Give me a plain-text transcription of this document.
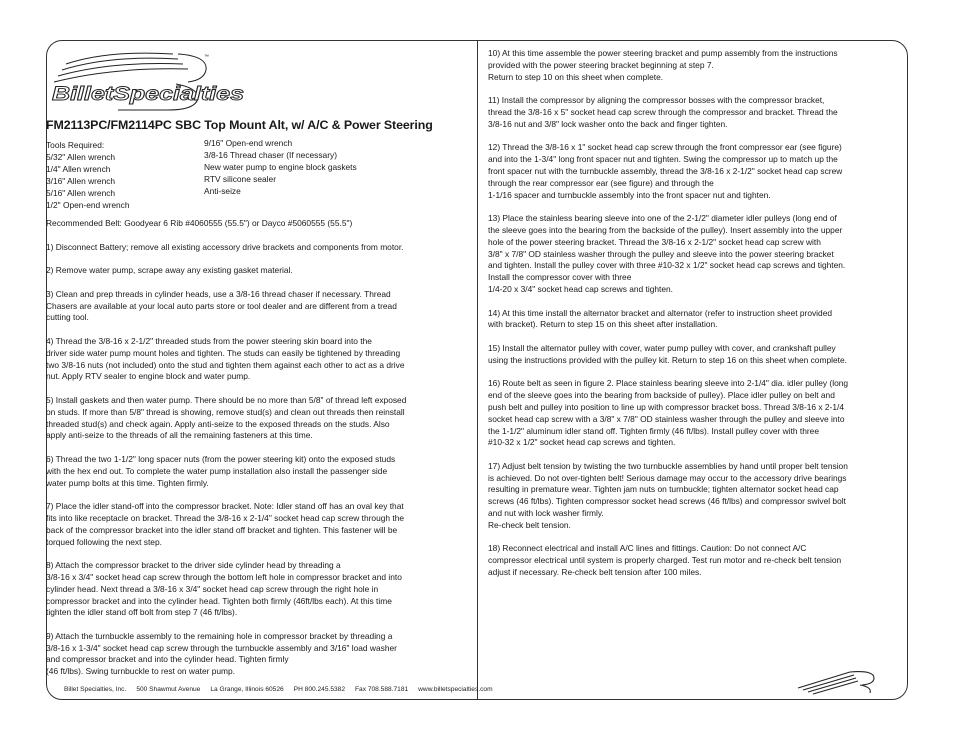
™
BilletSpecialties
FM2113PC/FM2114PC SBC Top Mount Alt, w/ A/C & Power Steering
Tools Required:
5/32" Allen wrench
1/4" Allen wrench
3/16" Allen wrench
5/16" Allen wrench
1/2" Open-end wrench
9/16" Open-end wrench
3/8-16 Thread chaser (If necessary)
New water pump to engine block gaskets
RTV silicone sealer
Anti-seize
Recommended Belt: Goodyear 6 Rib #4060555 (55.5") or Dayco #5060555 (55.5")
1) Disconnect Battery; remove all existing accessory drive brackets and components from motor.
2) Remove water pump, scrape away any existing gasket material.
3) Clean and prep threads in cylinder heads, use a 3/8-16 thread chaser if necessary. Thread
Chasers are available at your local auto parts store or tool dealer and are different from a tread
cutting tool.
4) Thread the 3/8-16 x 2-1/2" threaded studs from the power steering skin board into the
driver side water pump mount holes and tighten. The studs can easily be tightened by threading
two 3/8-16 nuts (not included) onto the stud and tighten them against each other to act as a drive
nut. Apply RTV sealer to engine block and water pump.
5) Install gaskets and then water pump. There should be no more than 5/8" of thread left exposed
on studs. If more than 5/8" thread is showing, remove stud(s) and clean out threads then reinstall
threaded stud(s) and check again. Apply anti-seize to the exposed threads on the studs. Also
apply anti-seize to the threads of all the remaining fasteners at this time.
6) Thread the two 1-1/2" long spacer nuts (from the power steering kit) onto the exposed studs
with the hex end out. To complete the water pump installation also install the passenger side
water pump bolts at this time. Tighten firmly.
7) Place the idler stand-off into the compressor bracket. Note: Idler stand off has an oval key that
fits into like receptacle on bracket. Thread the 3/8-16 x 2-1/4" socket head cap screw through the
back of the compressor bracket into the idler stand off bracket and tighten. This fastener will be
torqued following the next step.
8) Attach the compressor bracket to the driver side cylinder head by threading a
3/8-16 x 3/4" socket head cap screw through the bottom left hole in compressor bracket and into
cylinder head. Next thread a 3/8-16 x 3/4" socket head cap screw through the right hole in
compressor bracket and into the cylinder head. Tighten both firmly (46ft/lbs each). At this time
tighten the idler stand off bolt from step 7 (46 ft/lbs).
9) Attach the turnbuckle assembly to the remaining hole in compressor bracket by threading a
3/8-16 x 1-3/4" socket head cap screw through the turnbuckle assembly and 3/16" load washer
and compressor bracket and into the cylinder head. Tighten firmly
(46 ft/lbs). Swing turnbuckle to rest on water pump.
10) At this time assemble the power steering bracket and pump assembly from the instructions
provided with the power steering bracket beginning at step 7.
Return to step 10 on this sheet when complete.
11) Install the compressor by aligning the compressor bosses with the compressor bracket,
thread the 3/8-16 x 5" socket head cap screw through the compressor and bracket. Thread the
3/8-16 nut and 3/8" lock washer onto the back and finger tighten.
12) Thread the 3/8-16 x 1" socket head cap screw through the front compressor ear (see figure)
and into the 1-3/4" long front spacer nut and tighten. Swing the compressor up to match up the
front spacer nut with the turnbuckle assembly, thread the 3/8-16 x 2-1/2" socket head cap screw
through the rear compressor ear (see figure) and through the
1-1/16 spacer and turnbuckle assembly into the front spacer nut and tighten.
13) Place the stainless bearing sleeve into one of the 2-1/2" diameter idler pulleys (long end of
the sleeve goes into the bearing from the backside of the pulley). Insert assembly into the upper
hole of the power steering bracket. Thread the 3/8-16 x 2-1/2" socket head cap screw with
3/8" x 7/8" OD stainless washer through the pulley and sleeve into the power steering bracket
and tighten. Install the pulley cover with three #10-32 x 1/2" socket head cap screws and tighten.
Install the compressor cover with three
1/4-20 x 3/4" socket head cap screws and tighten.
14) At this time install the alternator bracket and alternator (refer to instruction sheet provided
with bracket). Return to step 15 on this sheet after installation.
15) Install the alternator pulley with cover, water pump pulley with cover, and crankshaft pulley
using the instructions provided with the pulley kit. Return to step 16 on this sheet when complete.
16) Route belt as seen in figure 2. Place stainless bearing sleeve into 2-1/4" dia. idler pulley (long
end of the sleeve goes into the bearing from backside of pulley). Place idler pulley on belt and
push belt and pulley into position to line up with compressor bracket boss. Thread 3/8-16 x 2-1/4
socket head cap screw with a 3/8" x 7/8" OD stainless washer through the pulley and sleeve into
the 1-1/2" aluminum idler stand off. Tighten firmly (46 ft/lbs). Install pulley cover with three
#10-32 x 1/2" socket head cap screws and tighten.
17) Adjust belt tension by twisting the two turnbuckle assemblies by hand until proper belt tension
is achieved. Do not over-tighten belt! Serious damage may occur to the accessory drive bearings
resulting in premature wear. Tighten jam nuts on turnbuckle; tighten alternator socket head cap
screws (46 ft/lbs). Tighten compressor socket head screws (46 ft/lbs) and compressor swivel bolt
and nut with lock washer firmly.
Re-check belt tension.
18) Reconnect electrical and install A/C lines and fittings. Caution: Do not connect A/C
compressor electrical until system is properly charged. Test run motor and re-check belt tension
adjust if necessary. Re-check belt tension after 100 miles.
Billet Specialties, Inc. 500 Shawmut Avenue La Grange, Illinois 60526 PH 800.245.5382 Fax 708.588.7181 www.billetspecialties.com
